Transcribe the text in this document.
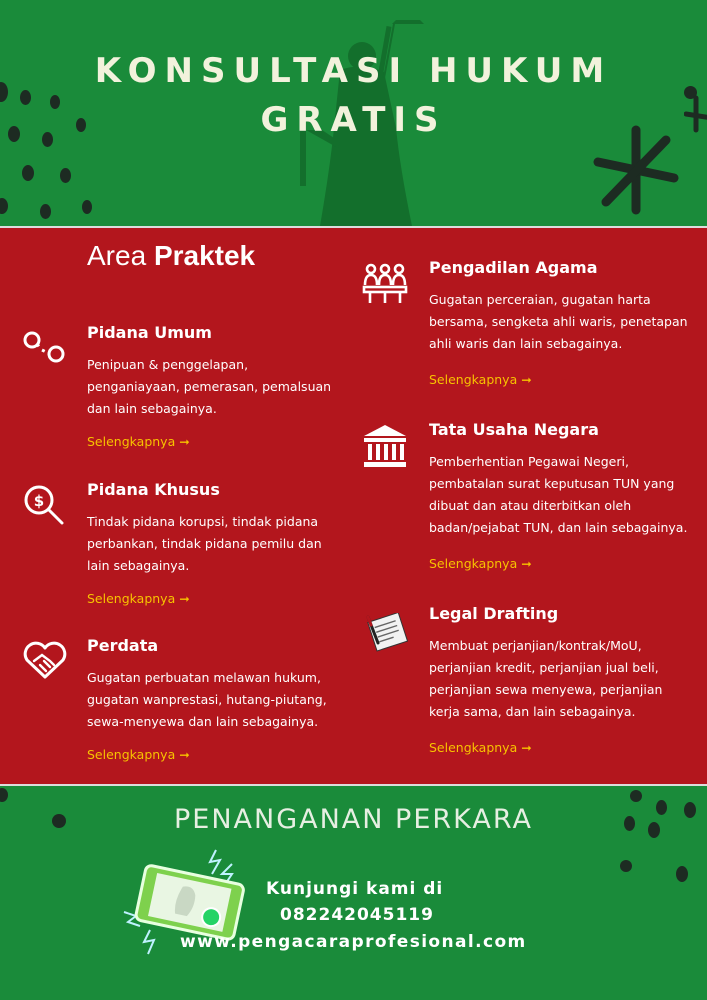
KONSULTASI HUKUM
GRATIS
Area Praktek
Pidana Umum

Penipuan & penggelapan, penganiayaan, pemerasan, pemalsuan dan lain sebagainya.

Selengkapnya ➞
$
Pidana Khusus

Tindak pidana korupsi, tindak pidana perbankan, tindak pidana pemilu dan lain sebagainya.

Selengkapnya ➞
Perdata

Gugatan perbuatan melawan hukum, gugatan wanprestasi, hutang-piutang, sewa-menyewa dan lain sebagainya.

Selengkapnya ➞
Pengadilan Agama

Gugatan perceraian, gugatan harta bersama, sengketa ahli waris, penetapan ahli waris dan lain sebagainya.

Selengkapnya ➞
Tata Usaha Negara

Pemberhentian Pegawai Negeri, pembatalan surat keputusan TUN yang dibuat dan atau diterbitkan oleh badan/pejabat TUN, dan lain sebagainya.

Selengkapnya ➞
Legal Drafting

Membuat perjanjian/kontrak/MoU, perjanjian kredit, perjanjian jual beli, perjanjian sewa menyewa, perjanjian kerja sama, dan lain sebagainya.

Selengkapnya ➞
PENANGANAN PERKARA
Kunjungi kami di
082242045119
www.pengacaraprofesional.com
